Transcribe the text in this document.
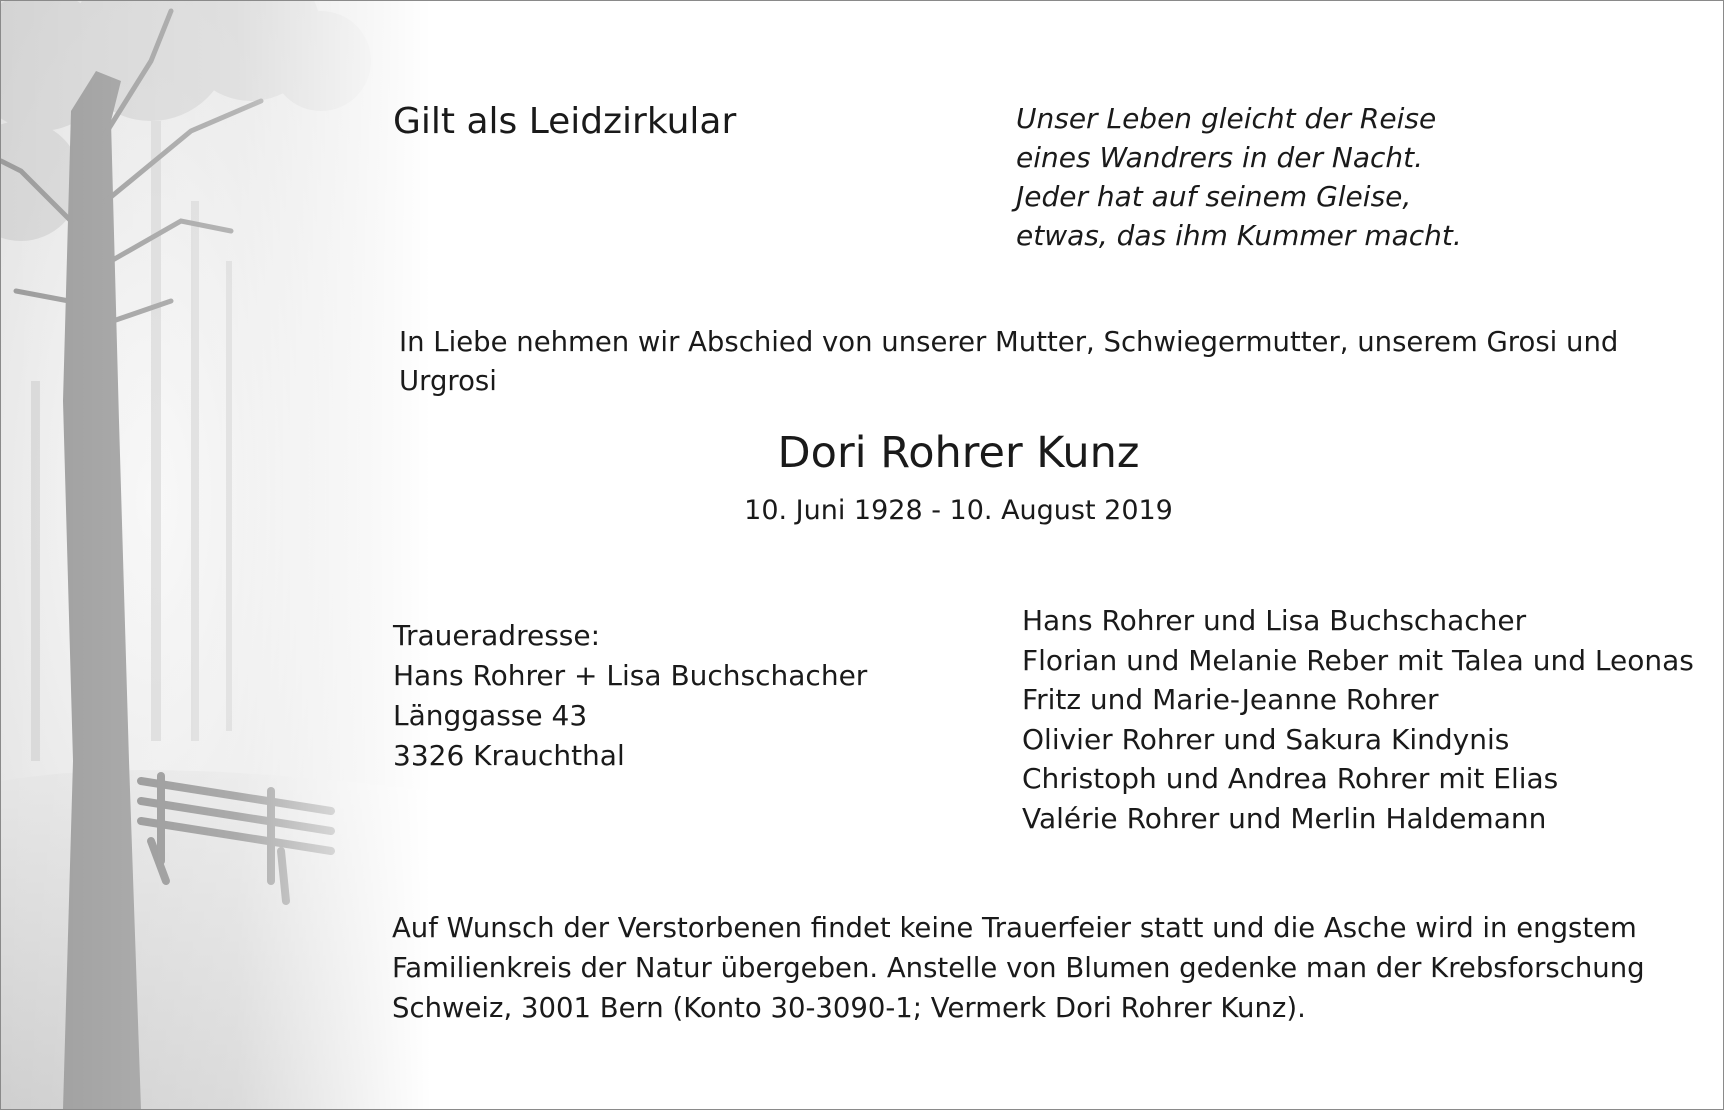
Gilt als Leidzirkular	Unser Leben gleicht der Reise
eines Wandrers in der Nacht.
Jeder hat auf seinem Gleise,
etwas, das ihm Kummer macht.
In Liebe nehmen wir Abschied von unserer Mutter, Schwiegermutter, unserem Grosi und Urgrosi
Dori Rohrer Kunz
10. Juni 1928 - 10. August 2019
Traueradresse:
Hans Rohrer + Lisa Buchschacher
Länggasse 43
3326 Krauchthal
Hans Rohrer und Lisa Buchschacher
Florian und Melanie Reber mit Talea und Leonas
Fritz und Marie-Jeanne Rohrer
Olivier Rohrer und Sakura Kindynis
Christoph und Andrea Rohrer mit Elias
Valérie Rohrer und Merlin Haldemann
Auf Wunsch der Verstorbenen findet keine Trauerfeier statt und die Asche wird in engstem
Familienkreis der Natur übergeben. Anstelle von Blumen gedenke man der Krebsforschung
Schweiz, 3001 Bern (Konto 30-3090-1; Vermerk Dori Rohrer Kunz).
